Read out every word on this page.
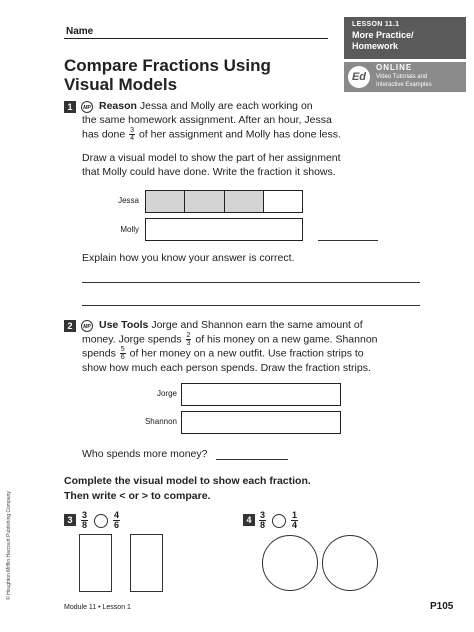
Name
Compare Fractions Using
Visual Models
LESSON 11.1
More Practice/
Homework
Ed
ONLINE
Video Tutorials and
Interactive Examples
1	MP Reason Jessa and Molly are each working on
the same homework assignment. After an hour, Jessa
has done $\frac{3}{4}$ of her assignment and Molly has done less.
Draw a visual model to show the part of her assignment
that Molly could have done. Write the fraction it shows.
Jessa
Molly
Explain how you know your answer is correct.
2	MP Use Tools Jorge and Shannon earn the same amount of
money. Jorge spends $\frac{2}{3}$ of his money on a new game. Shannon
spends $\frac{5}{6}$ of her money on a new outfit. Use fraction strips to
show how much each person spends. Draw the fraction strips.
Jorge
Shannon
Who spends more money?
Complete the visual model to show each fraction.
Then write < or > to compare.
$3 \frac{3}{8}$	$\frac{4}{6}$	$4 \frac{3}{8}$	$\frac{1}{4}$
© Houghton Mifflin Harcourt Publishing Company
Module 11 • Lesson 1	P105
